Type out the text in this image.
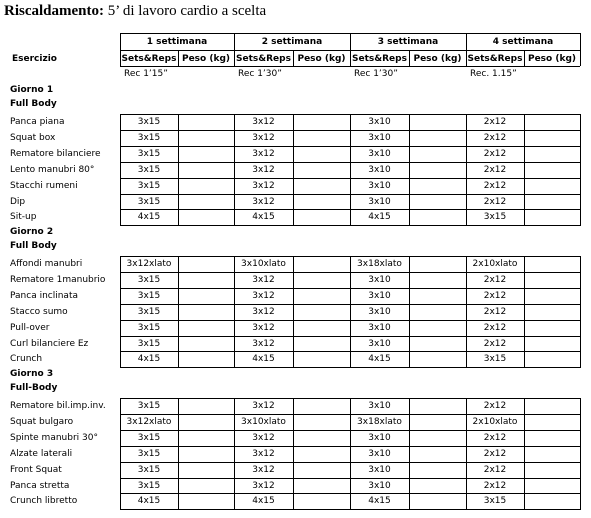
Riscaldamento: 5’ di lavoro cardio a scelta
Esercizio
1 settimana
Sets&Reps Peso (kg)
Rec 1’15”
2 settimana
Sets&Reps Peso (kg)
Rec 1’30”
3 settimana
Sets&Reps Peso (kg)
Rec 1’30”
4 settimana
Sets&Reps Peso (kg)
Rec. 1.15”
Giorno 1
Full Body
Panca piana	3x15	3x12	3x10	2x12
Squat box	3x15	3x12	3x10	2x12
Rematore bilanciere	3x15	3x12	3x10	2x12
Lento manubri 80°	3x15	3x12	3x10	2x12
Stacchi rumeni	3x15	3x12	3x10	2x12
Dip	3x15	3x12	3x10	2x12
Sit-up	4x15	4x15	4x15	3x15
Giorno 2
Full Body
Affondi manubri	3x12xlato	3x10xlato	3x18xlato	2x10xlato
Rematore 1manubrio	3x15	3x12	3x10	2x12
Panca inclinata	3x15	3x12	3x10	2x12
Stacco sumo	3x15	3x12	3x10	2x12
Pull-over	3x15	3x12	3x10	2x12
Curl bilanciere Ez	3x15	3x12	3x10	2x12
Crunch	4x15	4x15	4x15	3x15
Giorno 3
Full-Body
Rematore bil.imp.inv.	3x15	3x12	3x10	2x12
Squat bulgaro	3x12xlato	3x10xlato	3x18xlato	2x10xlato
Spinte manubri 30°	3x15	3x12	3x10	2x12
Alzate laterali	3x15	3x12	3x10	2x12
Front Squat	3x15	3x12	3x10	2x12
Panca stretta	3x15	3x12	3x10	2x12
Crunch libretto	4x15	4x15	4x15	3x15
